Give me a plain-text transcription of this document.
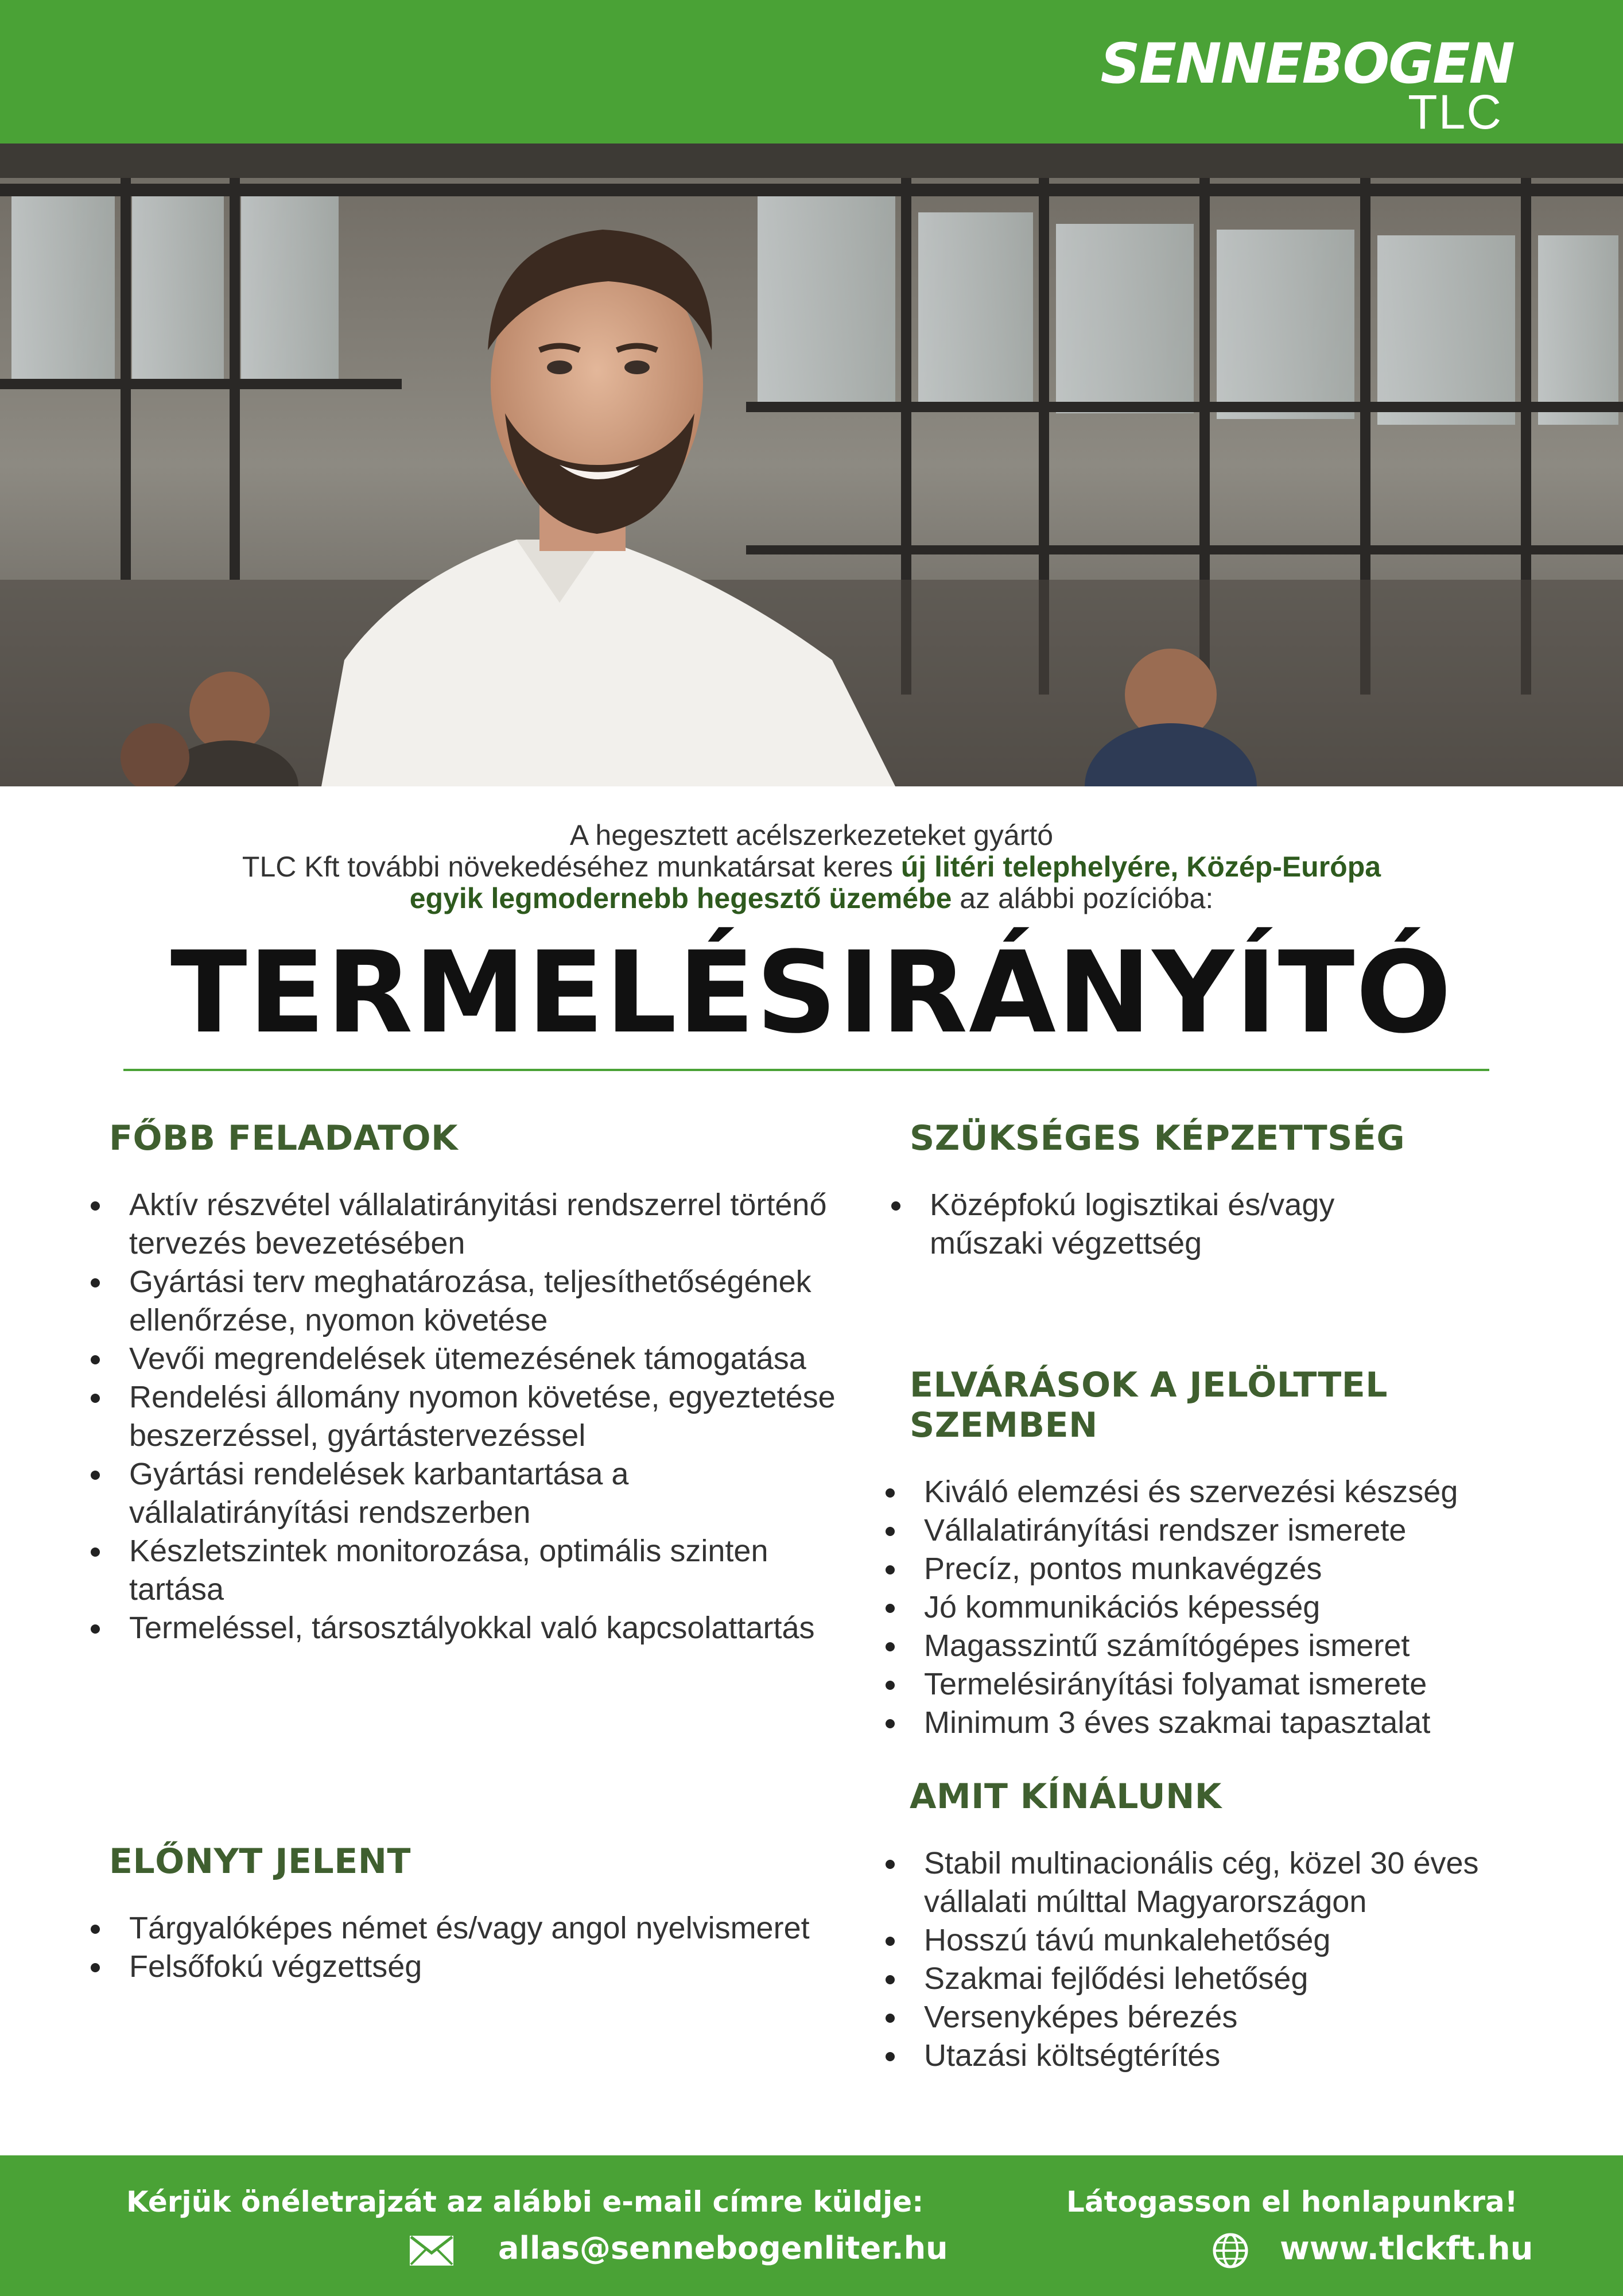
SENNEBOGEN
TLC
A hegesztett acélszerkezeteket gyártó
TLC Kft további növekedéséhez munkatársat keres új litéri telephelyére, Közép-Európa
egyik legmodernebb hegesztő üzemébe az alábbi pozícióba:
TERMELÉSIRÁNYÍTÓ
FŐBB FELADATOK
Aktív részvétel vállalatirányitási rendszerrel történő tervezés bevezetésében
Gyártási terv meghatározása, teljesíthetőségének ellenőrzése, nyomon követése
Vevői megrendelések ütemezésének támogatása
Rendelési állomány nyomon követése, egyeztetése beszerzéssel, gyártástervezéssel
Gyártási rendelések karbantartása a vállalatirányítási rendszerben
Készletszintek monitorozása, optimális szinten tartása
Termeléssel, társosztályokkal való kapcsolattartás
ELŐNYT JELENT
Tárgyalóképes német és/vagy angol nyelvismeret
Felsőfokú végzettség
SZÜKSÉGES KÉPZETTSÉG
Középfokú logisztikai és/vagy műszaki végzettség
ELVÁRÁSOK A JELÖLTTEL SZEMBEN
Kiváló elemzési és szervezési készség
Vállalatirányítási rendszer ismerete
Precíz, pontos munkavégzés
Jó kommunikációs képesség
Magasszintű számítógépes ismeret
Termelésirányítási folyamat ismerete
Minimum 3 éves szakmai tapasztalat
AMIT KÍNÁLUNK
Stabil multinacionális cég, közel 30 éves vállalati múlttal Magyarországon
Hosszú távú munkalehetőség
Szakmai fejlődési lehetőség
Versenyképes bérezés
Utazási költségtérítés
Kérjük önéletrajzát az alábbi e-mail címre küldje:
allas@sennebogenliter.hu
Látogasson el honlapunkra!
www.tlckft.hu
